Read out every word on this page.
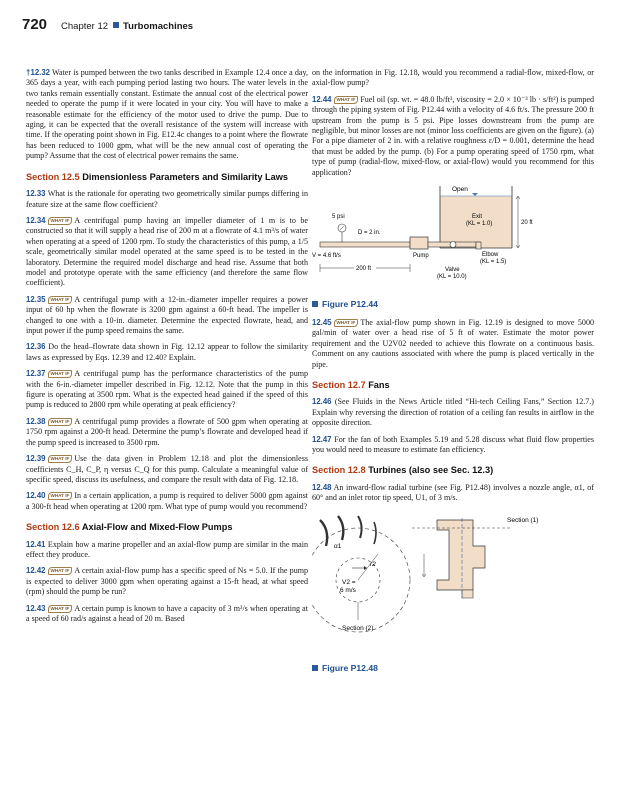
720 Chapter 12 Turbomachines
†12.32 Water is pumped between the two tanks described in Example 12.4 once a day, 365 days a year, with each pumping period lasting two hours. The water levels in the two tanks remain essentially constant. Estimate the annual cost of the electrical power needed to operate the pump if it were located in your city. You will have to make a reasonable estimate for the efficiency of the motor used to drive the pump. Due to aging, it can be expected that the overall resistance of the system will increase with time. If the operating point shown in Fig. E12.4c changes to a point where the flowrate has been reduced to 1000 gpm, what will be the new annual cost of operating the pump? Assume that the cost of electrical power remains the same.
Section 12.5 Dimensionless Parameters and Similarity Laws
12.33 What is the rationale for operating two geometrically similar pumps differing in feature size at the same flow coefficient?
12.34 WHAT IF A centrifugal pump having an impeller diameter of 1 m is to be constructed so that it will supply a head rise of 200 m at a flowrate of 4.1 m³/s of water when operating at a speed of 1200 rpm. To study the characteristics of this pump, a 1/5 scale, geometrically similar model operated at the same speed is to be tested in the laboratory. Determine the required model discharge and head rise. Assume that both model and prototype operate with the same efficiency (and therefore the same flow coefficient).
12.35 WHAT IF A centrifugal pump with a 12-in.-diameter impeller requires a power input of 60 hp when the flowrate is 3200 gpm against a 60-ft head. The impeller is changed to one with a 10-in. diameter. Determine the expected flowrate, head, and input power if the pump speed remains the same.
12.36 Do the head–flowrate data shown in Fig. 12.12 appear to follow the similarity laws as expressed by Eqs. 12.39 and 12.40? Explain.
12.37 WHAT IF A centrifugal pump has the performance characteristics of the pump with the 6-in.-diameter impeller described in Fig. 12.12. Note that the pump in this figure is operating at 3500 rpm. What is the expected head gained if the speed of this pump is reduced to 2800 rpm while operating at peak efficiency?
12.38 WHAT IF A centrifugal pump provides a flowrate of 500 gpm when operating at 1750 rpm against a 200-ft head. Determine the pump’s flowrate and developed head if the pump speed is increased to 3500 rpm.
12.39 WHAT IF Use the data given in Problem 12.18 and plot the dimensionless coefficients C_H, C_P, η versus C_Q for this pump. Calculate a meaningful value of specific speed, discuss its usefulness, and compare the result with data of Fig. 12.18.
12.40 WHAT IF In a certain application, a pump is required to deliver 5000 gpm against a 300-ft head when operating at 1200 rpm. What type of pump would you recommend?
Section 12.6 Axial-Flow and Mixed-Flow Pumps
12.41 Explain how a marine propeller and an axial-flow pump are similar in the main effect they produce.
12.42 WHAT IF A certain axial-flow pump has a specific speed of Ns = 5.0. If the pump is expected to deliver 3000 gpm when operating against a 15-ft head, at what speed (rpm) should the pump be run?
12.43 WHAT IF A certain pump is known to have a capacity of 3 m³/s when operating at a speed of 60 rad/s against a head of 20 m. Based
on the information in Fig. 12.18, would you recommend a radial-flow, mixed-flow, or axial-flow pump?
12.44 WHAT IF Fuel oil (sp. wt. = 48.0 lb/ft³, viscosity = 2.0 × 10⁻³ lb · s/ft²) is pumped through the piping system of Fig. P12.44 with a velocity of 4.6 ft/s. The pressure 200 ft upstream from the pump is 5 psi. Pipe losses downstream from the pump are negligible, but minor losses are not (minor loss coefficients are given on the figure). (a) For a pipe diameter of 2 in. with a relative roughness ε/D = 0.001, determine the head that must be added by the pump. (b) For a pump operating speed of 1750 rpm, what type of pump (radial-flow, mixed-flow, or axial-flow) would you recommend for this application?
Open
Exit
(KL = 1.0)	20 ft
Pump
5 psi
D = 2 in.
V = 4.6 ft/s	Elbow
(KL = 1.5)
200 ft	Valve
(KL = 10.0)
Figure P12.44
12.45 WHAT IF The axial-flow pump shown in Fig. 12.19 is designed to move 5000 gal/min of water over a head rise of 5 ft of water. Estimate the motor power requirement and the U2V02 needed to achieve this flowrate on a continuous basis. Comment on any cautions associated with where the pump is placed vertically in the pipe.
Section 12.7 Fans
12.46 (See Fluids in the News Article titled “Hi-tech Ceiling Fans,” Section 12.7.) Explain why reversing the direction of rotation of a ceiling fan results in airflow in the opposite direction.
12.47 For the fan of both Examples 5.19 and 5.28 discuss what fluid flow properties you would need to measure to estimate fan efficiency.
Section 12.8 Turbines (also see Sec. 12.3)
12.48 An inward-flow radial turbine (see Fig. P12.48) involves a nozzle angle, α1, of 60° and an inlet rotor tip speed, U1, of 3 m/s.
r2
α1
V2 =
6 m/s
Section (2)
Section (1)
Figure P12.48
